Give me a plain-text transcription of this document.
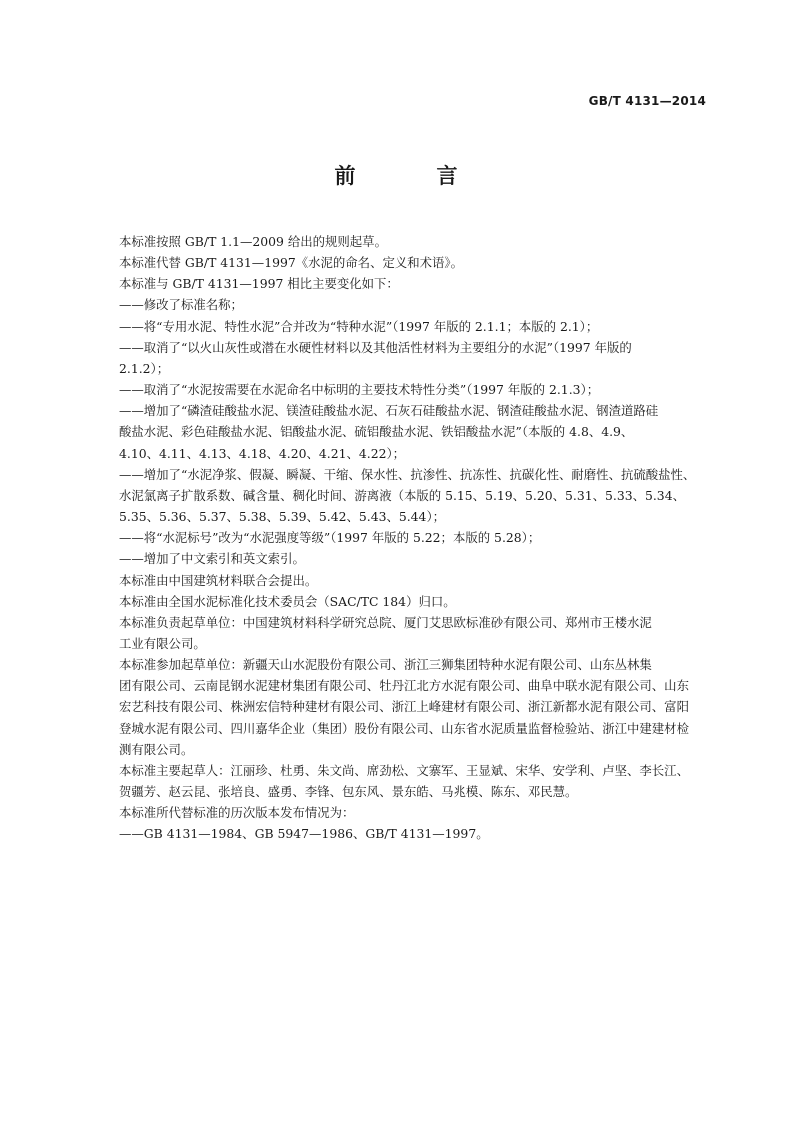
GB/T 4131—2014
前　言
本标准按照 GB/T 1.1—2009 给出的规则起草。
本标准代替 GB/T 4131—1997《水泥的命名、定义和术语》。
本标准与 GB/T 4131—1997 相比主要变化如下：
——修改了标准名称；
——将“专用水泥、特性水泥”合并改为“特种水泥”（1997 年版的 2.1.1；本版的 2.1）；
——取消了“以火山灰性或潜在水硬性材料以及其他活性材料为主要组分的水泥”（1997 年版的
2.1.2）；
——取消了“水泥按需要在水泥命名中标明的主要技术特性分类”（1997 年版的 2.1.3）；
——增加了“磷渣硅酸盐水泥、镁渣硅酸盐水泥、石灰石硅酸盐水泥、钢渣硅酸盐水泥、钢渣道路硅
酸盐水泥、彩色硅酸盐水泥、铝酸盐水泥、硫铝酸盐水泥、铁铝酸盐水泥”（本版的 4.8、4.9、
4.10、4.11、4.13、4.18、4.20、4.21、4.22）；
——增加了“水泥净浆、假凝、瞬凝、干缩、保水性、抗渗性、抗冻性、抗碳化性、耐磨性、抗硫酸盐性、
水泥氯离子扩散系数、碱含量、稠化时间、游离液（本版的 5.15、5.19、5.20、5.31、5.33、5.34、
5.35、5.36、5.37、5.38、5.39、5.42、5.43、5.44）；
——将“水泥标号”改为“水泥强度等级”（1997 年版的 5.22；本版的 5.28）；
——增加了中文索引和英文索引。
本标准由中国建筑材料联合会提出。
本标准由全国水泥标准化技术委员会（SAC/TC 184）归口。
本标准负责起草单位：中国建筑材料科学研究总院、厦门艾思欧标准砂有限公司、郑州市王楼水泥
工业有限公司。
本标准参加起草单位：新疆天山水泥股份有限公司、浙江三狮集团特种水泥有限公司、山东丛林集
团有限公司、云南昆钢水泥建材集团有限公司、牡丹江北方水泥有限公司、曲阜中联水泥有限公司、山东
宏艺科技有限公司、株洲宏信特种建材有限公司、浙江上峰建材有限公司、浙江新都水泥有限公司、富阳
登城水泥有限公司、四川嘉华企业（集团）股份有限公司、山东省水泥质量监督检验站、浙江中建建材检
测有限公司。
本标准主要起草人：江丽珍、杜勇、朱文尚、席劲松、文寨军、王显斌、宋华、安学利、卢坚、李长江、
贺疆芳、赵云昆、张培良、盛勇、李锋、包东风、景东皓、马兆模、陈东、邓民慧。
本标准所代替标准的历次版本发布情况为：
——GB 4131—1984、GB 5947—1986、GB/T 4131—1997。
